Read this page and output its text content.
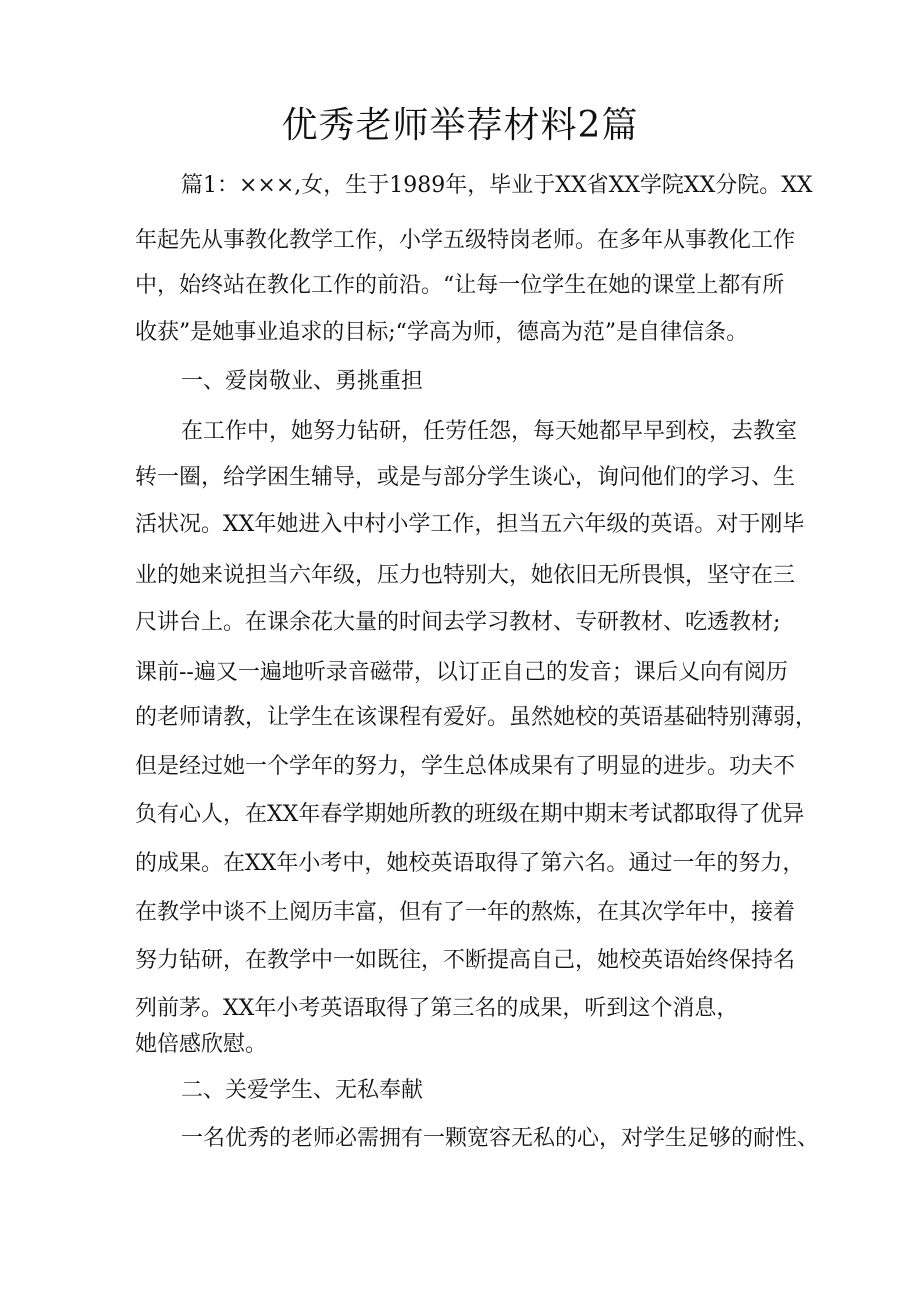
优秀老师举荐材料2篇
篇1：×××,女，生于1989年，毕业于XX省XX学院XX分院。XX
年起先从事教化教学工作，小学五级特岗老师。在多年从事教化工作
中，始终站在教化工作的前沿。“让每一位学生在她的课堂上都有所
收获”是她事业追求的目标;“学高为师，德高为范”是自律信条。
一、爱岗敬业、勇挑重担
在工作中，她努力钻研，任劳任怨，每天她都早早到校，去教室
转一圈，给学困生辅导，或是与部分学生谈心，询问他们的学习、生
活状况。XX年她进入中村小学工作，担当五六年级的英语。对于刚毕
业的她来说担当六年级，压力也特别大，她依旧无所畏惧，坚守在三
尺讲台上。在课余花大量的时间去学习教材、专研教材、吃透教材;
课前--遍又一遍地听录音磁带，以订正自己的发音；课后乂向有阅历
的老师请教，让学生在该课程有爱好。虽然她校的英语基础特别薄弱，
但是经过她一个学年的努力，学生总体成果有了明显的进步。功夫不
负有心人，在XX年春学期她所教的班级在期中期末考试都取得了优异
的成果。在XX年小考中，她校英语取得了第六名。通过一年的努力，
在教学中谈不上阅历丰富，但有了一年的熬炼，在其次学年中，接着
努力钻研，在教学中一如既往，不断提高自己，她校英语始终保持名
列前茅。XX年小考英语取得了第三名的成果，听到这个消息，
她倍感欣慰。
二、关爱学生、无私奉献
一名优秀的老师必需拥有一颗宽容无私的心，对学生足够的耐性、
